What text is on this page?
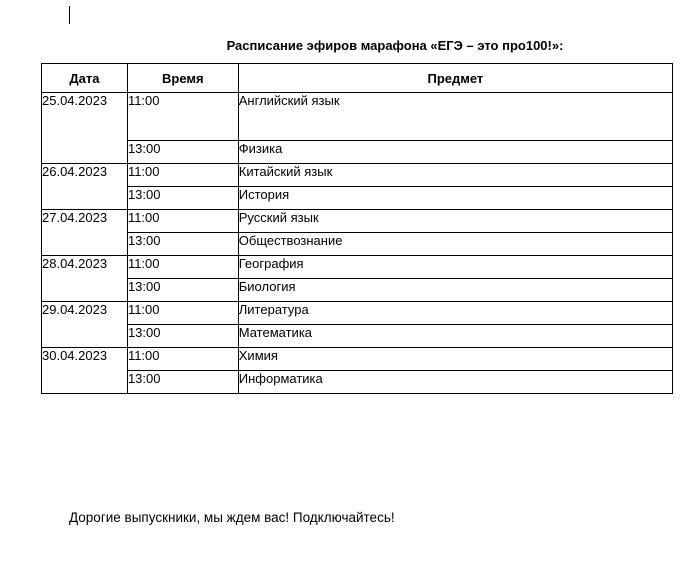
Расписание эфиров марафона «ЕГЭ – это про100!»:
Дата	Время	Предмет
25.04.2023	11:00	Английский язык
	13:00	Физика
26.04.2023	11:00	Китайский язык
	13:00	История
27.04.2023	11:00	Русский язык
	13:00	Обществознание
28.04.2023	11:00	География
	13:00	Биология
29.04.2023	11:00	Литература
	13:00	Математика
30.04.2023	11:00	Химия
	13:00	Информатика
Дорогие выпускники, мы ждем вас! Подключайтесь!
